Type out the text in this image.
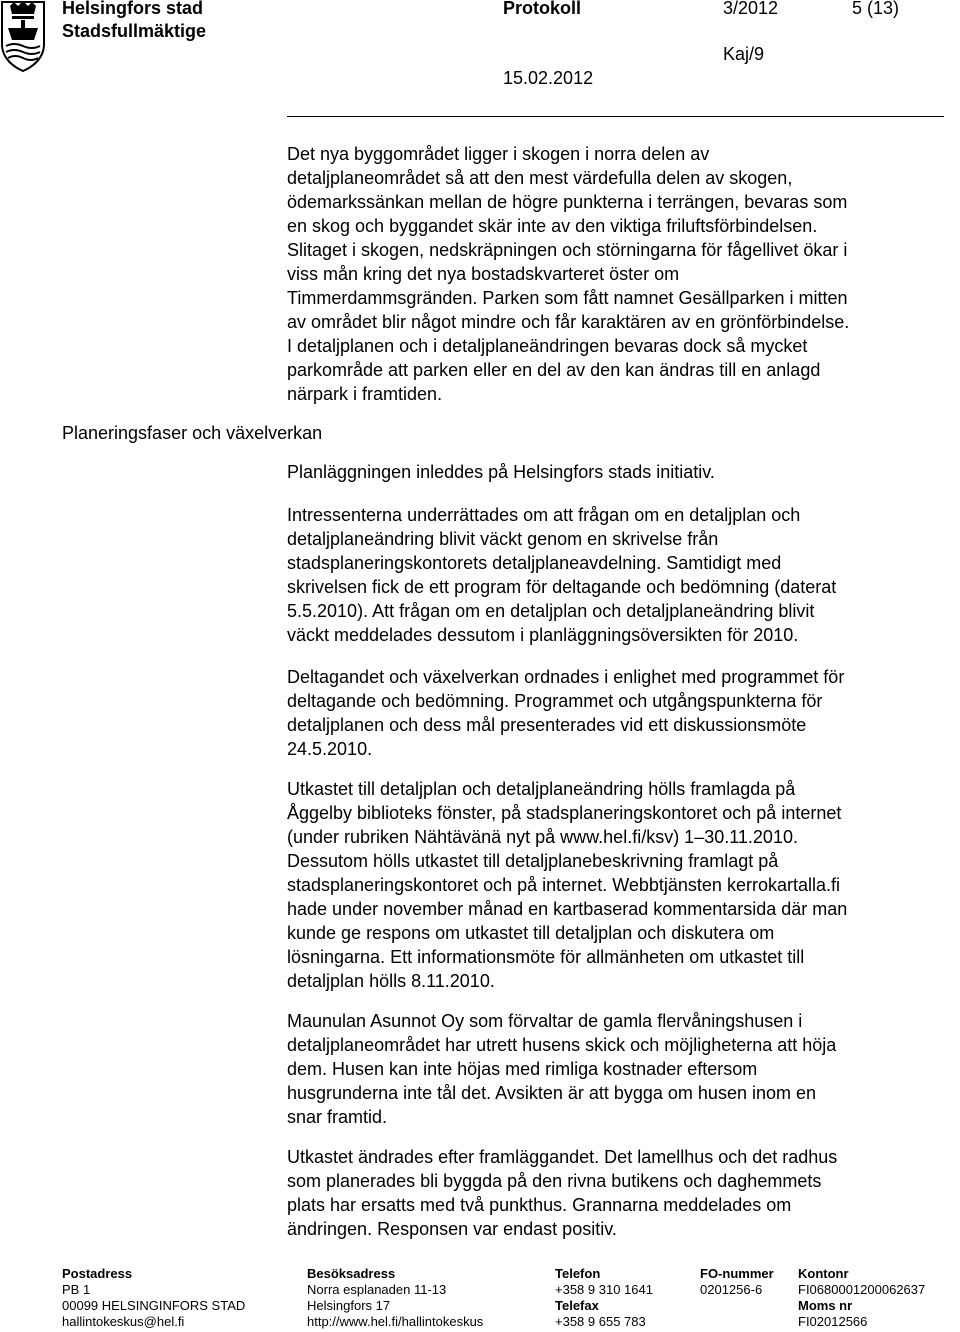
Helsingfors stad
Stadsfullmäktige
Protokoll	3/2012	5 (13)
Kaj/9
15.02.2012

Det nya byggområdet ligger i skogen i norra delen av
detaljplaneområdet så att den mest värdefulla delen av skogen,
ödemarkssänkan mellan de högre punkterna i terrängen, bevaras som
en skog och byggandet skär inte av den viktiga friluftsförbindelsen.
Slitaget i skogen, nedskräpningen och störningarna för fågellivet ökar i
viss mån kring det nya bostadskvarteret öster om
Timmerdammsgränden. Parken som fått namnet Gesällparken i mitten
av området blir något mindre och får karaktären av en grönförbindelse.
I detaljplanen och i detaljplaneändringen bevaras dock så mycket
parkområde att parken eller en del av den kan ändras till en anlagd
närpark i framtiden.

Planeringsfaser och växelverkan
Planläggningen inleddes på Helsingfors stads initiativ.

Intressenterna underrättades om att frågan om en detaljplan och
detaljplaneändring blivit väckt genom en skrivelse från
stadsplaneringskontorets detaljplaneavdelning. Samtidigt med
skrivelsen fick de ett program för deltagande och bedömning (daterat
5.5.2010). Att frågan om en detaljplan och detaljplaneändring blivit
väckt meddelades dessutom i planläggningsöversikten för 2010.

Deltagandet och växelverkan ordnades i enlighet med programmet för
deltagande och bedömning. Programmet och utgångspunkterna för
detaljplanen och dess mål presenterades vid ett diskussionsmöte
24.5.2010.

Utkastet till detaljplan och detaljplaneändring hölls framlagda på
Åggelby biblioteks fönster, på stadsplaneringskontoret och på internet
(under rubriken Nähtävänä nyt på www.hel.fi/ksv) 1–30.11.2010.
Dessutom hölls utkastet till detaljplanebeskrivning framlagt på
stadsplaneringskontoret och på internet. Webbtjänsten kerrokartalla.fi
hade under november månad en kartbaserad kommentarsida där man
kunde ge respons om utkastet till detaljplan och diskutera om
lösningarna. Ett informationsmöte för allmänheten om utkastet till
detaljplan hölls 8.11.2010.

Maunulan Asunnot Oy som förvaltar de gamla flervåningshusen i
detaljplaneområdet har utrett husens skick och möjligheterna att höja
dem. Husen kan inte höjas med rimliga kostnader eftersom
husgrunderna inte tål det. Avsikten är att bygga om husen inom en
snar framtid.

Utkastet ändrades efter framläggandet. Det lamellhus och det radhus
som planerades bli byggda på den rivna butikens och daghemmets
plats har ersatts med två punkthus. Grannarna meddelades om
ändringen. Responsen var endast positiv.

Postadress
PB 1
00099 HELSINGINFORS STAD
hallintokeskus@hel.fi
Besöksadress
Norra esplanaden 11-13
Helsingfors 17
http://www.hel.fi/hallintokeskus
Telefon
+358 9 310 1641
Telefax
+358 9 655 783
FO-nummer
0201256-6
Kontonr
FI0680001200062637
Moms nr
FI02012566
